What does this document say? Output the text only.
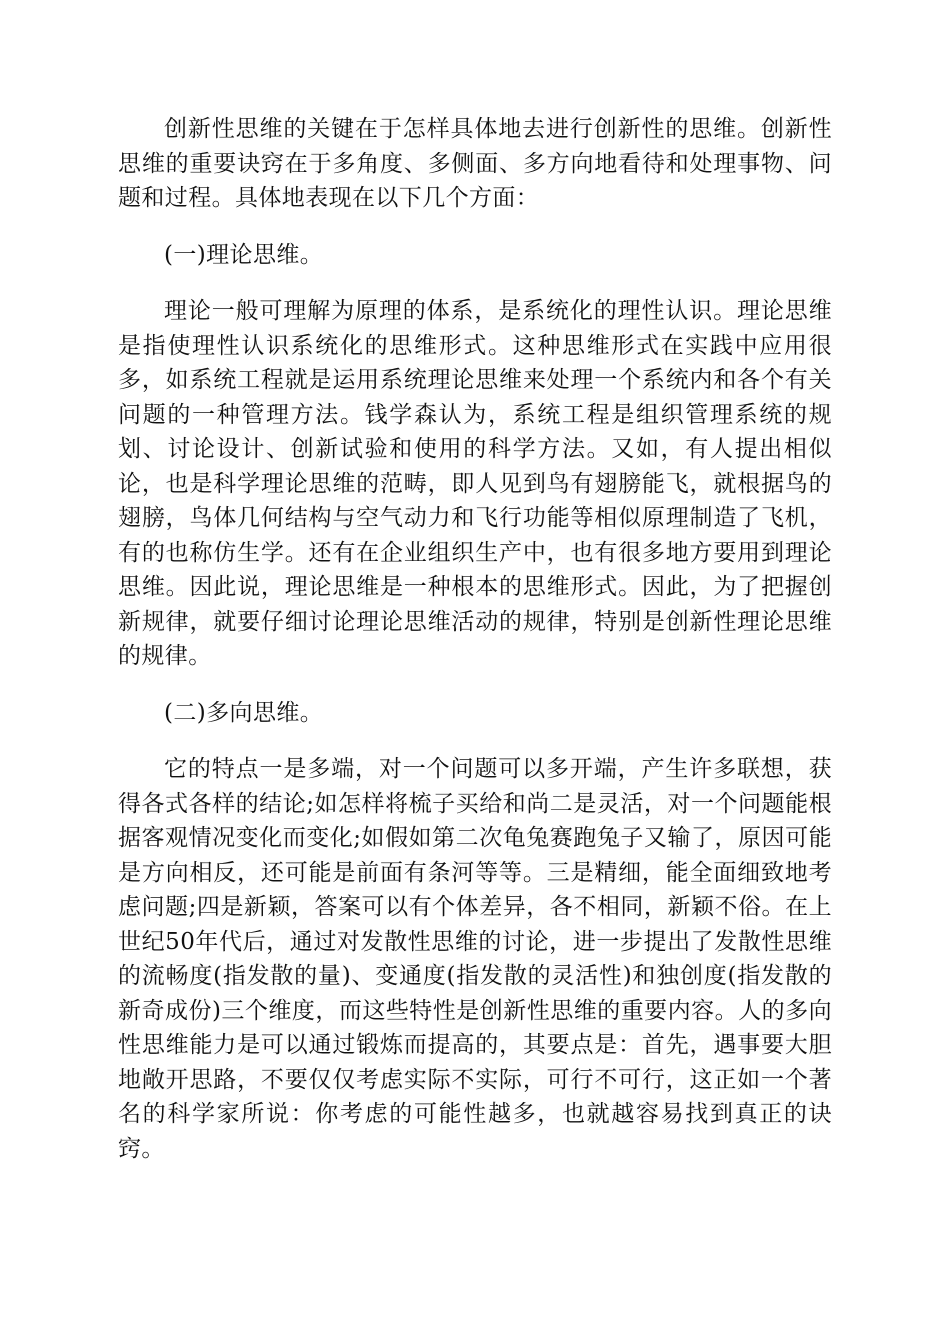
创新性思维的关键在于怎样具体地去进行创新性的思维。创新性思维的重要诀窍在于多角度、多侧面、多方向地看待和处理事物、问题和过程。具体地表现在以下几个方面：

(一)理论思维。

理论一般可理解为原理的体系，是系统化的理性认识。理论思维是指使理性认识系统化的思维形式。这种思维形式在实践中应用很多，如系统工程就是运用系统理论思维来处理一个系统内和各个有关问题的一种管理方法。钱学森认为，系统工程是组织管理系统的规划、讨论设计、创新试验和使用的科学方法。又如，有人提出相似论，也是科学理论思维的范畴，即人见到鸟有翅膀能飞，就根据鸟的翅膀，鸟体几何结构与空气动力和飞行功能等相似原理制造了飞机，有的也称仿生学。还有在企业组织生产中，也有很多地方要用到理论思维。因此说，理论思维是一种根本的思维形式。因此，为了把握创新规律，就要仔细讨论理论思维活动的规律，特别是创新性理论思维的规律。

(二)多向思维。

它的特点一是多端，对一个问题可以多开端，产生许多联想，获得各式各样的结论;如怎样将梳子买给和尚二是灵活，对一个问题能根据客观情况变化而变化;如假如第二次龟兔赛跑兔子又输了，原因可能是方向相反，还可能是前面有条河等等。三是精细，能全面细致地考虑问题;四是新颖，答案可以有个体差异，各不相同，新颖不俗。在上世纪50年代后，通过对发散性思维的讨论，进一步提出了发散性思维的流畅度(指发散的量)、变通度(指发散的灵活性)和独创度(指发散的新奇成份)三个维度，而这些特性是创新性思维的重要内容。人的多向性思维能力是可以通过锻炼而提高的，其要点是：首先，遇事要大胆地敞开思路，不要仅仅考虑实际不实际，可行不可行，这正如一个著名的科学家所说：你考虑的可能性越多，也就越容易找到真正的诀窍。
